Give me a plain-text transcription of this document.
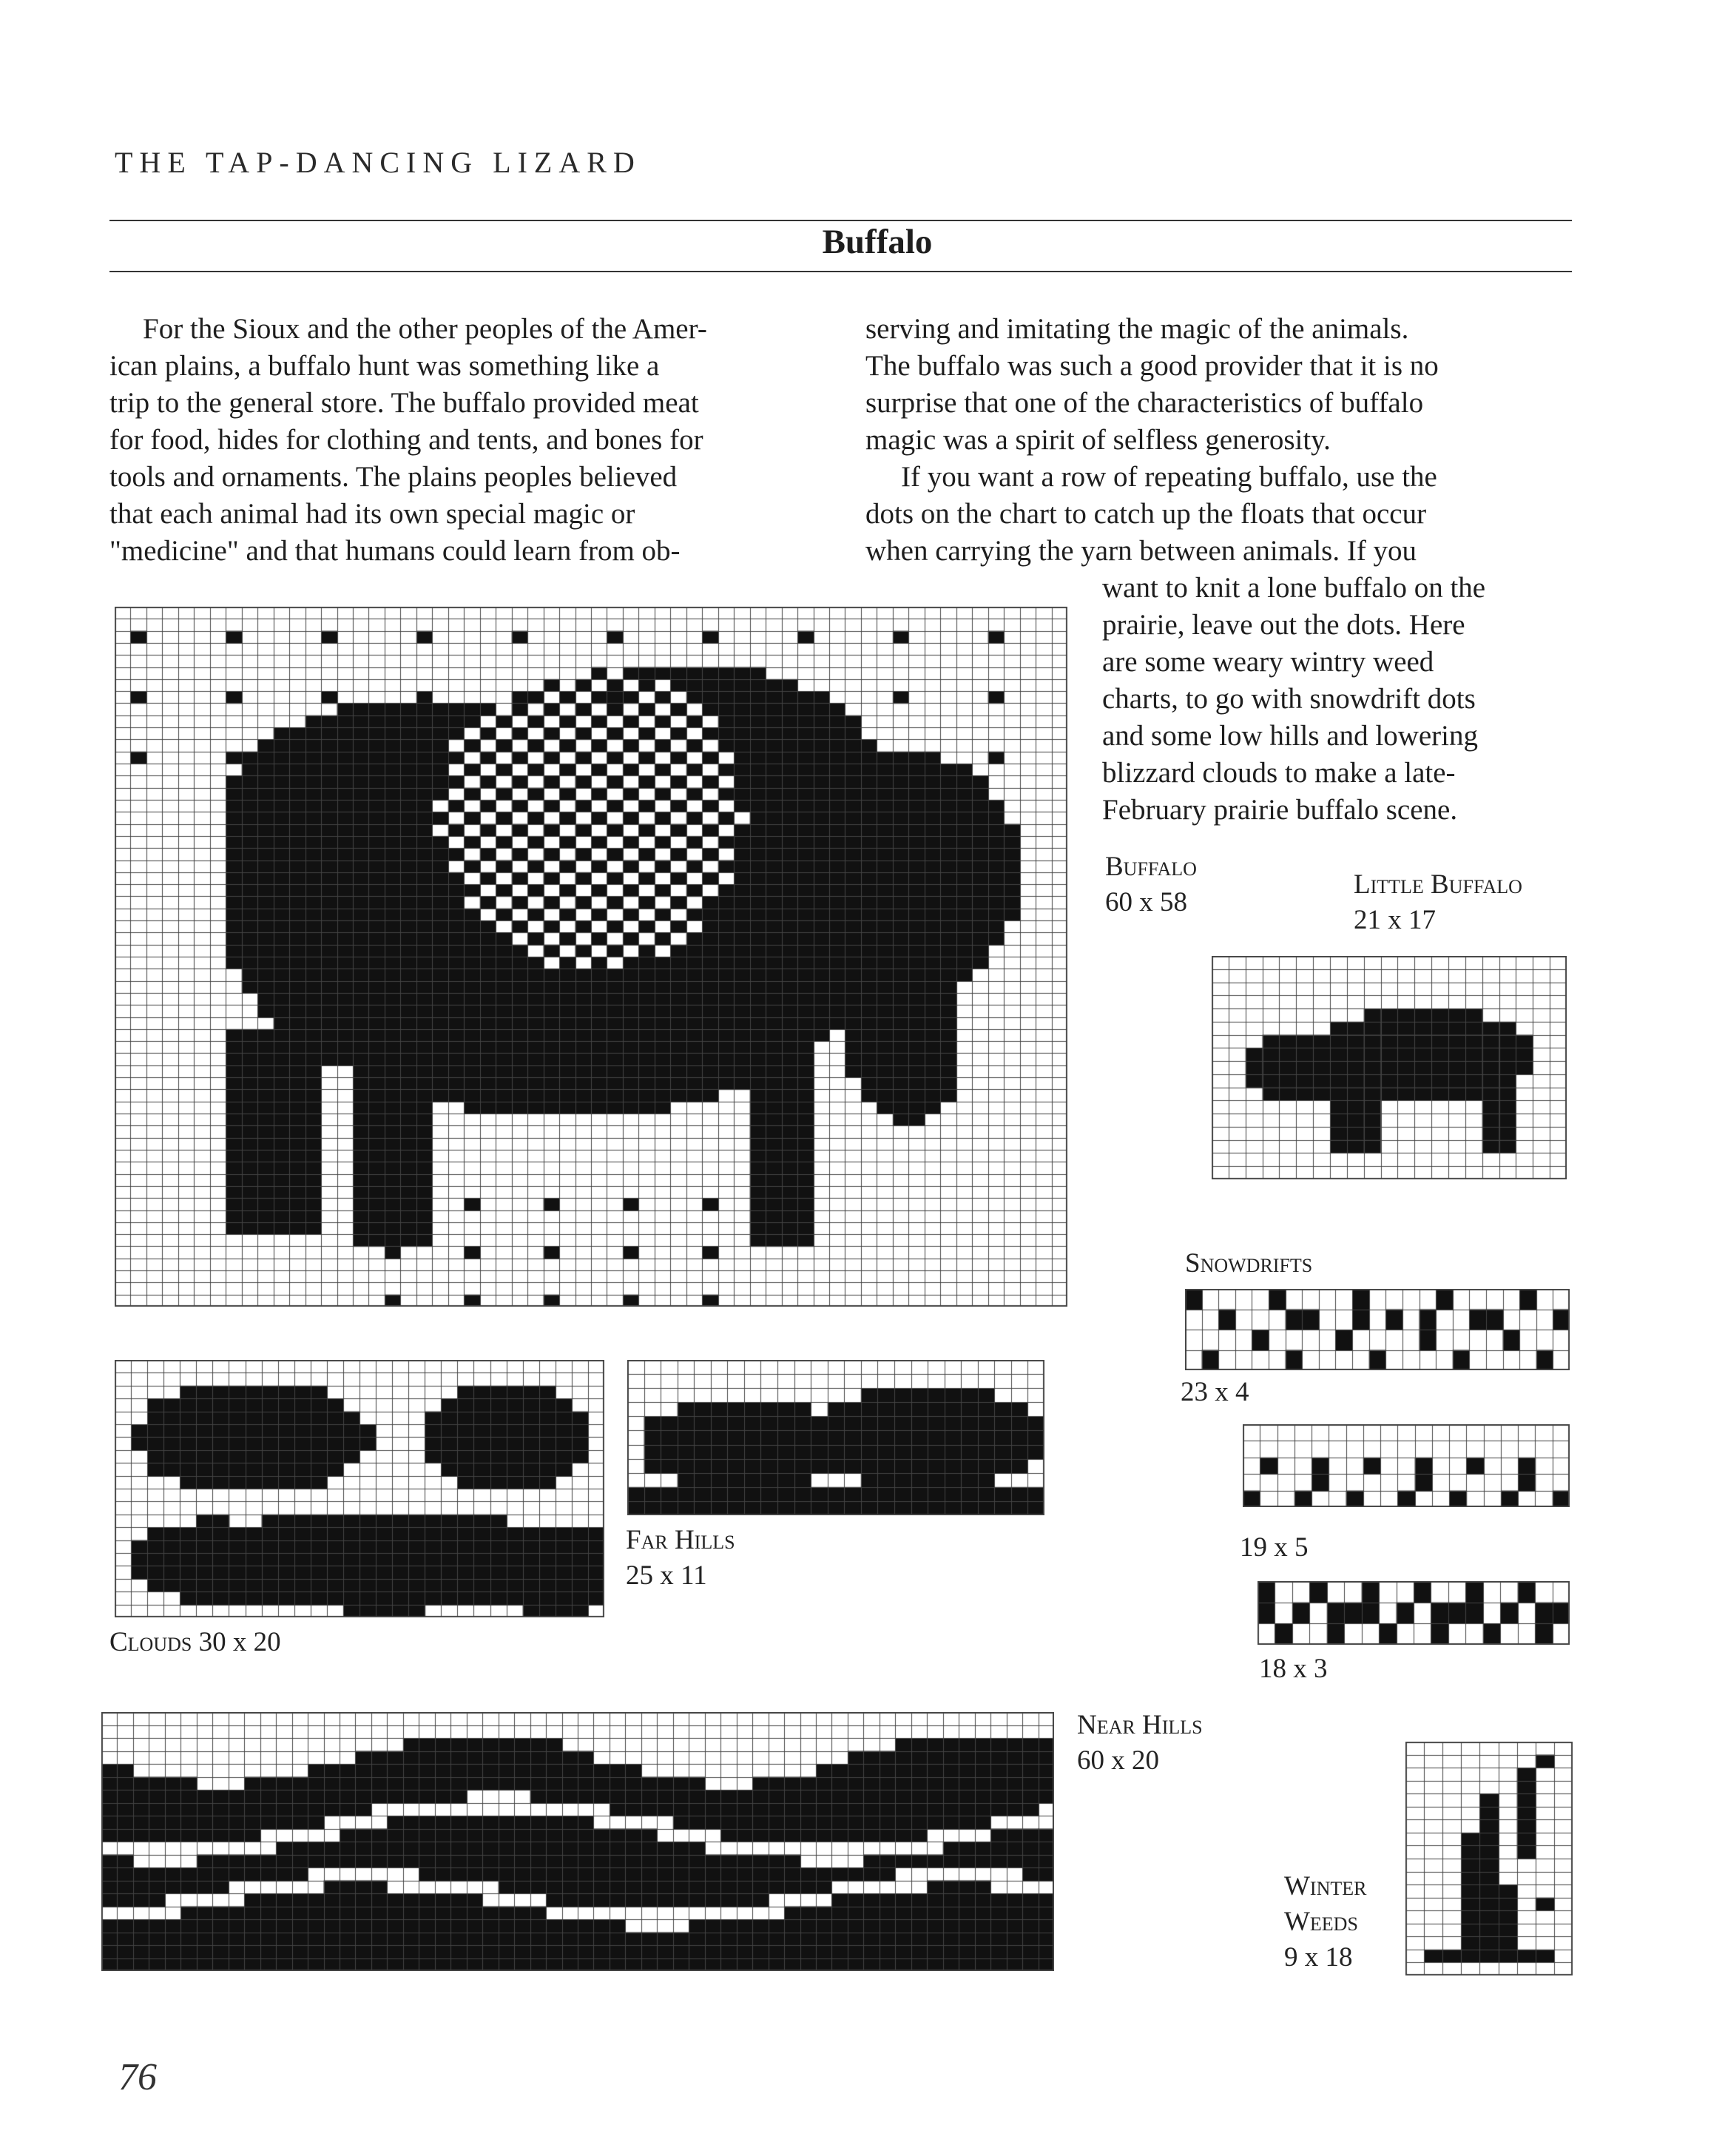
THE TAP-DANCING LIZARD
Buffalo
For the Sioux and the other peoples of the Amer-
ican plains, a buffalo hunt was something like a
trip to the general store. The buffalo provided meat
for food, hides for clothing and tents, and bones for
tools and ornaments. The plains peoples believed
that each animal had its own special magic or
"medicine" and that humans could learn from ob-
serving and imitating the magic of the animals.
The buffalo was such a good provider that it is no
surprise that one of the characteristics of buffalo
magic was a spirit of selfless generosity.
If you want a row of repeating buffalo, use the
dots on the chart to catch up the floats that occur
when carrying the yarn between animals. If you
want to knit a lone buffalo on the
prairie, leave out the dots. Here
are some weary wintry weed
charts, to go with snowdrift dots
and some low hills and lowering
blizzard clouds to make a late-
February prairie buffalo scene.
Buffalo
60 x 58
Little Buffalo
21 x 17
Snowdrifts
23 x 4
19 x 5
18 x 3
Clouds 30 x 20
Far Hills
25 x 11
Near Hills
60 x 20
Winter
Weeds
9 x 18
76
